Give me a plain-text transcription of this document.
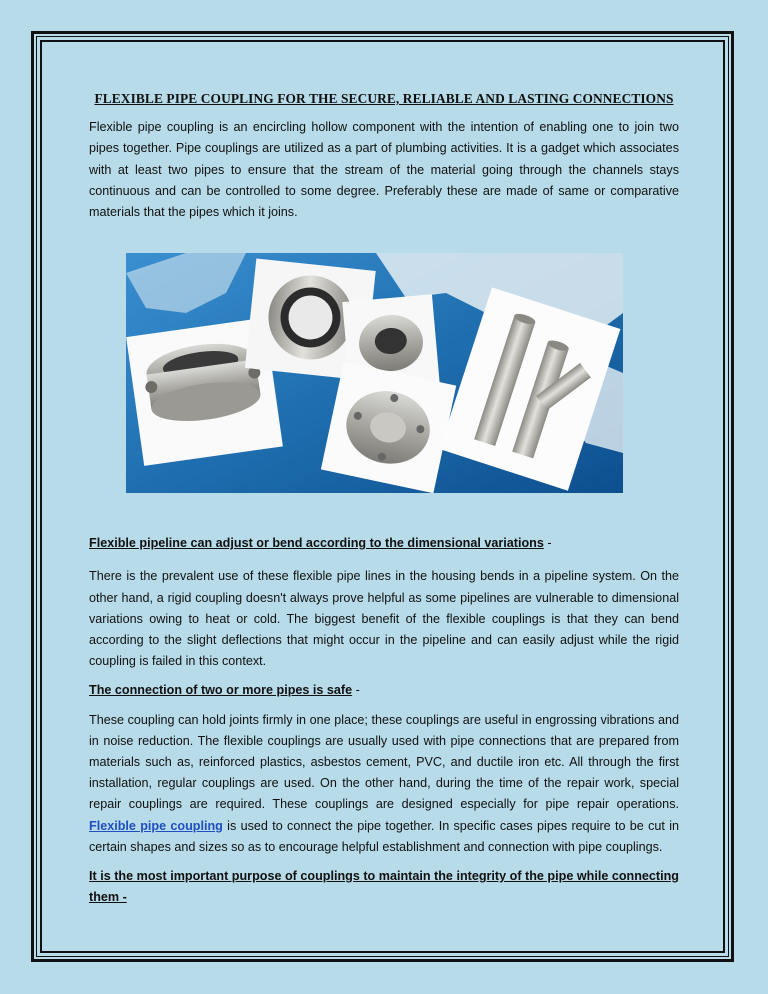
FLEXIBLE PIPE COUPLING FOR THE SECURE, RELIABLE AND LASTING CONNECTIONS

Flexible pipe coupling is an encircling hollow component with the intention of enabling one to join two pipes together. Pipe couplings are utilized as a part of plumbing activities. It is a gadget which associates with at least two pipes to ensure that the stream of the material going through the channels stays continuous and can be controlled to some degree. Preferably these are made of same or comparative materials that the pipes which it joins.

Flexible pipeline can adjust or bend according to the dimensional variations -

There is the prevalent use of these flexible pipe lines in the housing bends in a pipeline system. On the other hand, a rigid coupling doesn't always prove helpful as some pipelines are vulnerable to dimensional variations owing to heat or cold. The biggest benefit of the flexible couplings is that they can bend according to the slight deflections that might occur in the pipeline and can easily adjust while the rigid coupling is failed in this context.

The connection of two or more pipes is safe -

These coupling can hold joints firmly in one place; these couplings are useful in engrossing vibrations and in noise reduction. The flexible couplings are usually used with pipe connections that are prepared from materials such as, reinforced plastics, asbestos cement, PVC, and ductile iron etc. All through the first installation, regular couplings are used. On the other hand, during the time of the repair work, special repair couplings are required. These couplings are designed especially for pipe repair operations. Flexible pipe coupling is used to connect the pipe together. In specific cases pipes require to be cut in certain shapes and sizes so as to encourage helpful establishment and connection with pipe couplings.

It is the most important purpose of couplings to maintain the integrity of the pipe while connecting them -
